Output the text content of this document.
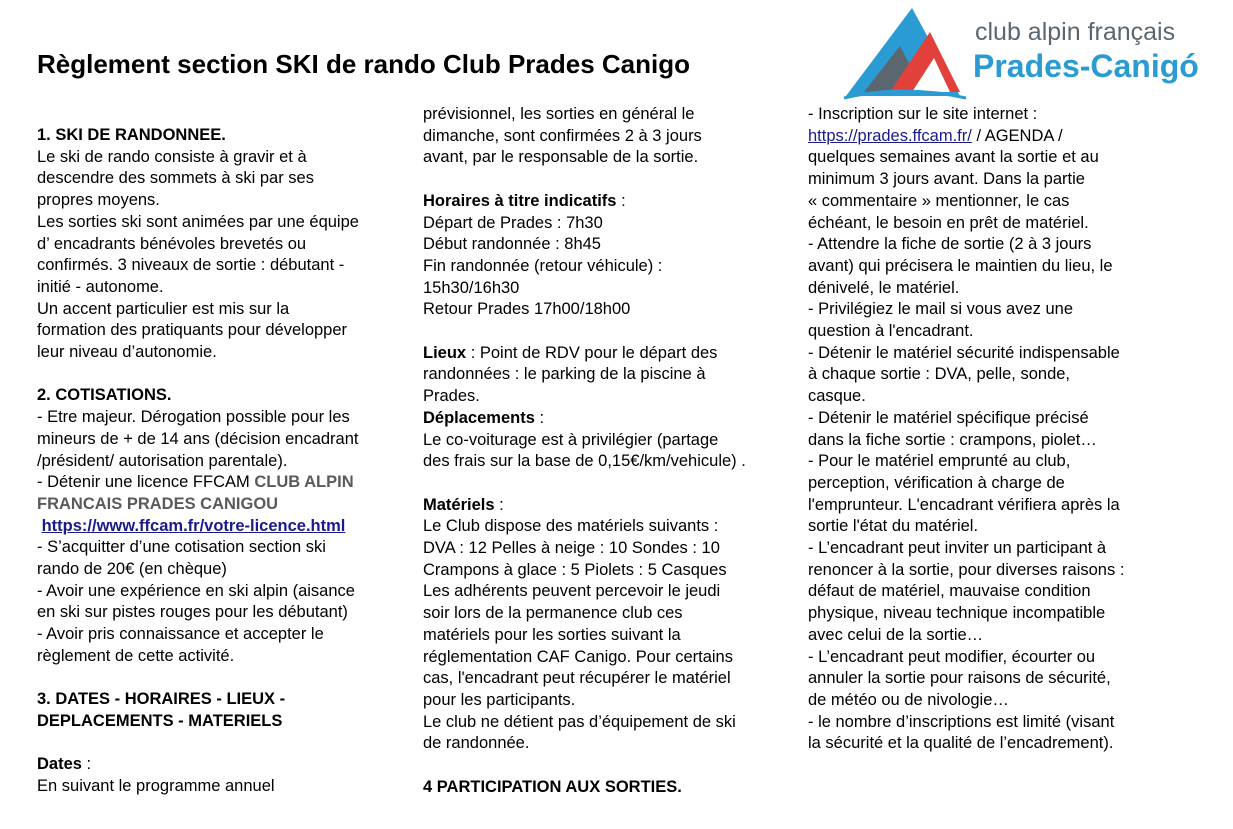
Règlement section SKI de rando Club Prades Canigo
club alpin français
Prades-Canigó
1. SKI DE RANDONNEE.
Le ski de rando consiste à gravir et à
descendre des sommets à ski par ses
propres moyens.
Les sorties ski sont animées par une équipe
d’ encadrants bénévoles brevetés ou
confirmés. 3 niveaux de sortie : débutant -
initié - autonome.
Un accent particulier est mis sur la
formation des pratiquants pour développer
leur niveau d’autonomie.
2. COTISATIONS.
- Etre majeur. Dérogation possible pour les
mineurs de + de 14 ans (décision encadrant
/président/ autorisation parentale).
- Détenir une licence FFCAM CLUB ALPIN
FRANCAIS PRADES CANIGOU
https://www.ffcam.fr/votre-licence.html
- S’acquitter d’une cotisation section ski
rando de 20€ (en chèque)
- Avoir une expérience en ski alpin (aisance
en ski sur pistes rouges pour les débutant)
- Avoir pris connaissance et accepter le
règlement de cette activité.
3. DATES - HORAIRES - LIEUX -
DEPLACEMENTS - MATERIELS
Dates :
En suivant le programme annuel
prévisionnel, les sorties en général le
dimanche, sont confirmées 2 à 3 jours
avant, par le responsable de la sortie.
Horaires à titre indicatifs :
Départ de Prades : 7h30
Début randonnée : 8h45
Fin randonnée (retour véhicule) :
15h30/16h30
Retour Prades 17h00/18h00
Lieux : Point de RDV pour le départ des
randonnées : le parking de la piscine à
Prades.
Déplacements :
Le co-voiturage est à privilégier (partage
des frais sur la base de 0,15€/km/vehicule) .
Matériels :
Le Club dispose des matériels suivants :
DVA : 12 Pelles à neige : 10 Sondes : 10
Crampons à glace : 5 Piolets : 5 Casques
Les adhérents peuvent percevoir le jeudi
soir lors de la permanence club ces
matériels pour les sorties suivant la
réglementation CAF Canigo. Pour certains
cas, l'encadrant peut récupérer le matériel
pour les participants.
Le club ne détient pas d’équipement de ski
de randonnée.
4 PARTICIPATION AUX SORTIES.
- Inscription sur le site internet :
https://prades.ffcam.fr/ / AGENDA /
quelques semaines avant la sortie et au
minimum 3 jours avant. Dans la partie
« commentaire » mentionner, le cas
échéant, le besoin en prêt de matériel.
- Attendre la fiche de sortie (2 à 3 jours
avant) qui précisera le maintien du lieu, le
dénivelé, le matériel.
- Privilégiez le mail si vous avez une
question à l'encadrant.
- Détenir le matériel sécurité indispensable
à chaque sortie : DVA, pelle, sonde,
casque.
- Détenir le matériel spécifique précisé
dans la fiche sortie : crampons, piolet…
- Pour le matériel emprunté au club,
perception, vérification à charge de
l'emprunteur. L'encadrant vérifiera après la
sortie l'état du matériel.
- L’encadrant peut inviter un participant à
renoncer à la sortie, pour diverses raisons :
défaut de matériel, mauvaise condition
physique, niveau technique incompatible
avec celui de la sortie…
- L’encadrant peut modifier, écourter ou
annuler la sortie pour raisons de sécurité,
de météo ou de nivologie…
- le nombre d’inscriptions est limité (visant
la sécurité et la qualité de l’encadrement).
